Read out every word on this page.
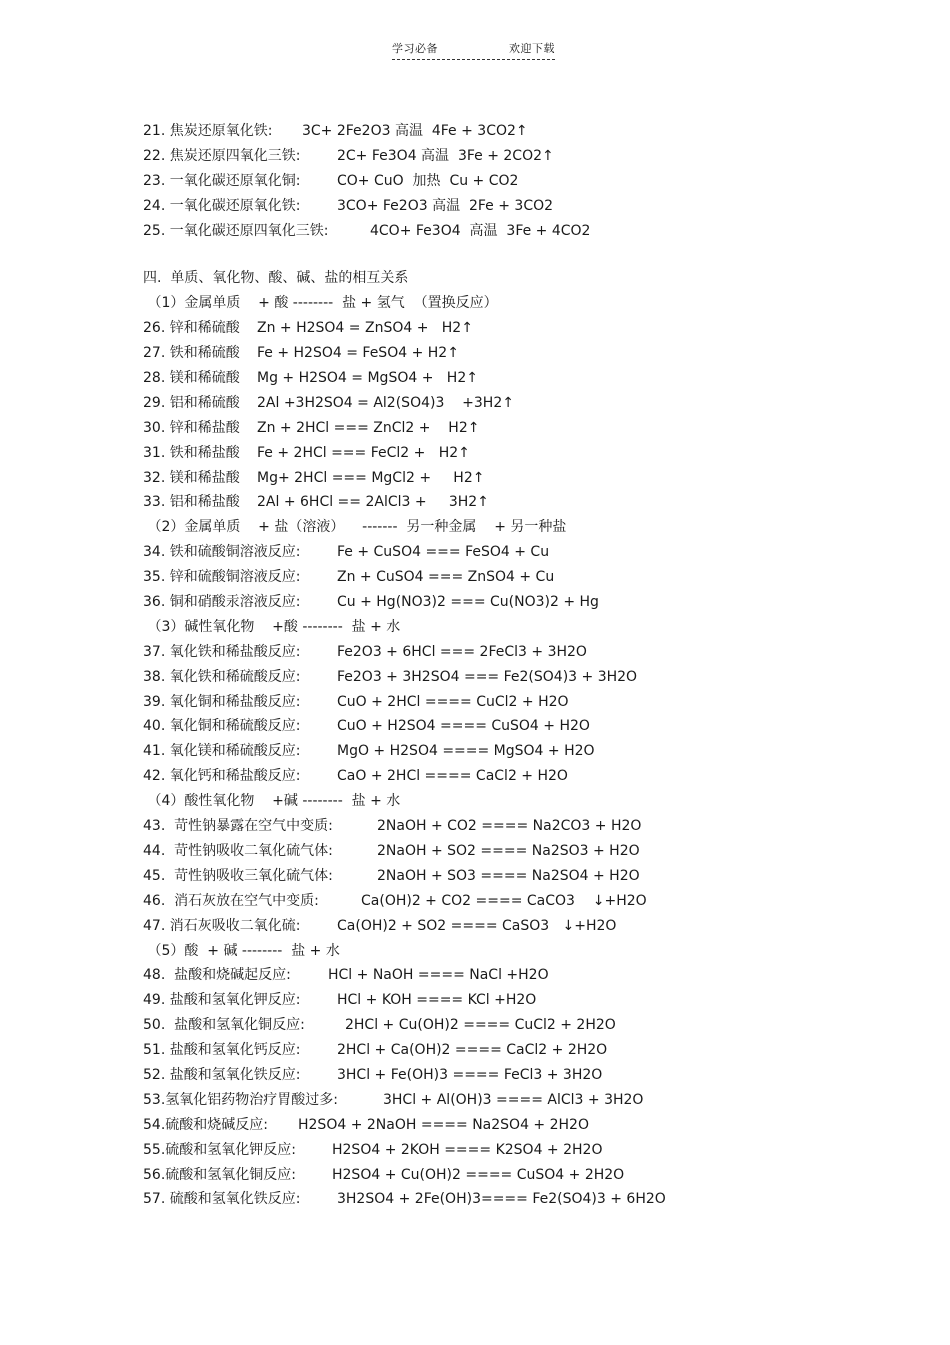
学习必备	欢迎下载
21. 焦炭还原氧化铁: 3C+ 2Fe2O3 高温  4Fe + 3CO2↑
22. 焦炭还原四氧化三铁:	2C+ Fe3O4 高温  3Fe + 2CO2↑
23. 一氧化碳还原氧化铜:	CO+ CuO  加热  Cu + CO2
24. 一氧化碳还原氧化铁:	3CO+ Fe2O3 高温  2Fe + 3CO2
25. 一氧化碳还原四氧化三铁:	4CO+ Fe3O4  高温  3Fe + 4CO2
四.  单质、氧化物、酸、碱、盐的相互关系
（1）金属单质    + 酸 --------  盐 + 氢气  （置换反应）
26. 锌和稀硫酸 Zn + H2SO4 = ZnSO4 +   H2↑
27. 铁和稀硫酸 Fe + H2SO4 = FeSO4 + H2↑
28. 镁和稀硫酸 Mg + H2SO4 = MgSO4 +   H2↑
29. 铝和稀硫酸 2Al +3H2SO4 = Al2(SO4)3    +3H2↑
30. 锌和稀盐酸 Zn + 2HCl === ZnCl2 +    H2↑
31. 铁和稀盐酸 Fe + 2HCl === FeCl2 +   H2↑
32. 镁和稀盐酸 Mg+ 2HCl === MgCl2 +     H2↑
33. 铝和稀盐酸 2Al + 6HCl == 2AlCl3 +     3H2↑
（2）金属单质    + 盐（溶液）    -------  另一种金属    + 另一种盐
34. 铁和硫酸铜溶液反应:	Fe + CuSO4 === FeSO4 + Cu
35. 锌和硫酸铜溶液反应:	Zn + CuSO4 === ZnSO4 + Cu
36. 铜和硝酸汞溶液反应:	Cu + Hg(NO3)2 === Cu(NO3)2 + Hg
（3）碱性氧化物    +酸 --------  盐 + 水
37. 氧化铁和稀盐酸反应:	Fe2O3 + 6HCl === 2FeCl3 + 3H2O
38. 氧化铁和稀硫酸反应:	Fe2O3 + 3H2SO4 === Fe2(SO4)3 + 3H2O
39. 氧化铜和稀盐酸反应:	CuO + 2HCl ==== CuCl2 + H2O
40. 氧化铜和稀硫酸反应:	CuO + H2SO4 ==== CuSO4 + H2O
41. 氧化镁和稀硫酸反应:	MgO + H2SO4 ==== MgSO4 + H2O
42. 氧化钙和稀盐酸反应:	CaO + 2HCl ==== CaCl2 + H2O
（4）酸性氧化物    +碱 --------  盐 + 水
43.  苛性钠暴露在空气中变质:	2NaOH + CO2 ==== Na2CO3 + H2O
44.  苛性钠吸收二氧化硫气体:	2NaOH + SO2 ==== Na2SO3 + H2O
45.  苛性钠吸收三氧化硫气体:	2NaOH + SO3 ==== Na2SO4 + H2O
46.  消石灰放在空气中变质:	Ca(OH)2 + CO2 ==== CaCO3    ↓+H2O
47. 消石灰吸收二氧化硫:	Ca(OH)2 + SO2 ==== CaSO3   ↓+H2O
（5）酸  + 碱 --------  盐 + 水
48.  盐酸和烧碱起反应:	HCl + NaOH ==== NaCl +H2O
49. 盐酸和氢氧化钾反应:	HCl + KOH ==== KCl +H2O
50.  盐酸和氢氧化铜反应:	2HCl + Cu(OH)2 ==== CuCl2 + 2H2O
51. 盐酸和氢氧化钙反应:	2HCl + Ca(OH)2 ==== CaCl2 + 2H2O
52. 盐酸和氢氧化铁反应:	3HCl + Fe(OH)3 ==== FeCl3 + 3H2O
53.氢氧化铝药物治疗胃酸过多:	3HCl + Al(OH)3 ==== AlCl3 + 3H2O
54.硫酸和烧碱反应: H2SO4 + 2NaOH ==== Na2SO4 + 2H2O
55.硫酸和氢氧化钾反应:	H2SO4 + 2KOH ==== K2SO4 + 2H2O
56.硫酸和氢氧化铜反应:	H2SO4 + Cu(OH)2 ==== CuSO4 + 2H2O
57. 硫酸和氢氧化铁反应:	3H2SO4 + 2Fe(OH)3==== Fe2(SO4)3 + 6H2O
